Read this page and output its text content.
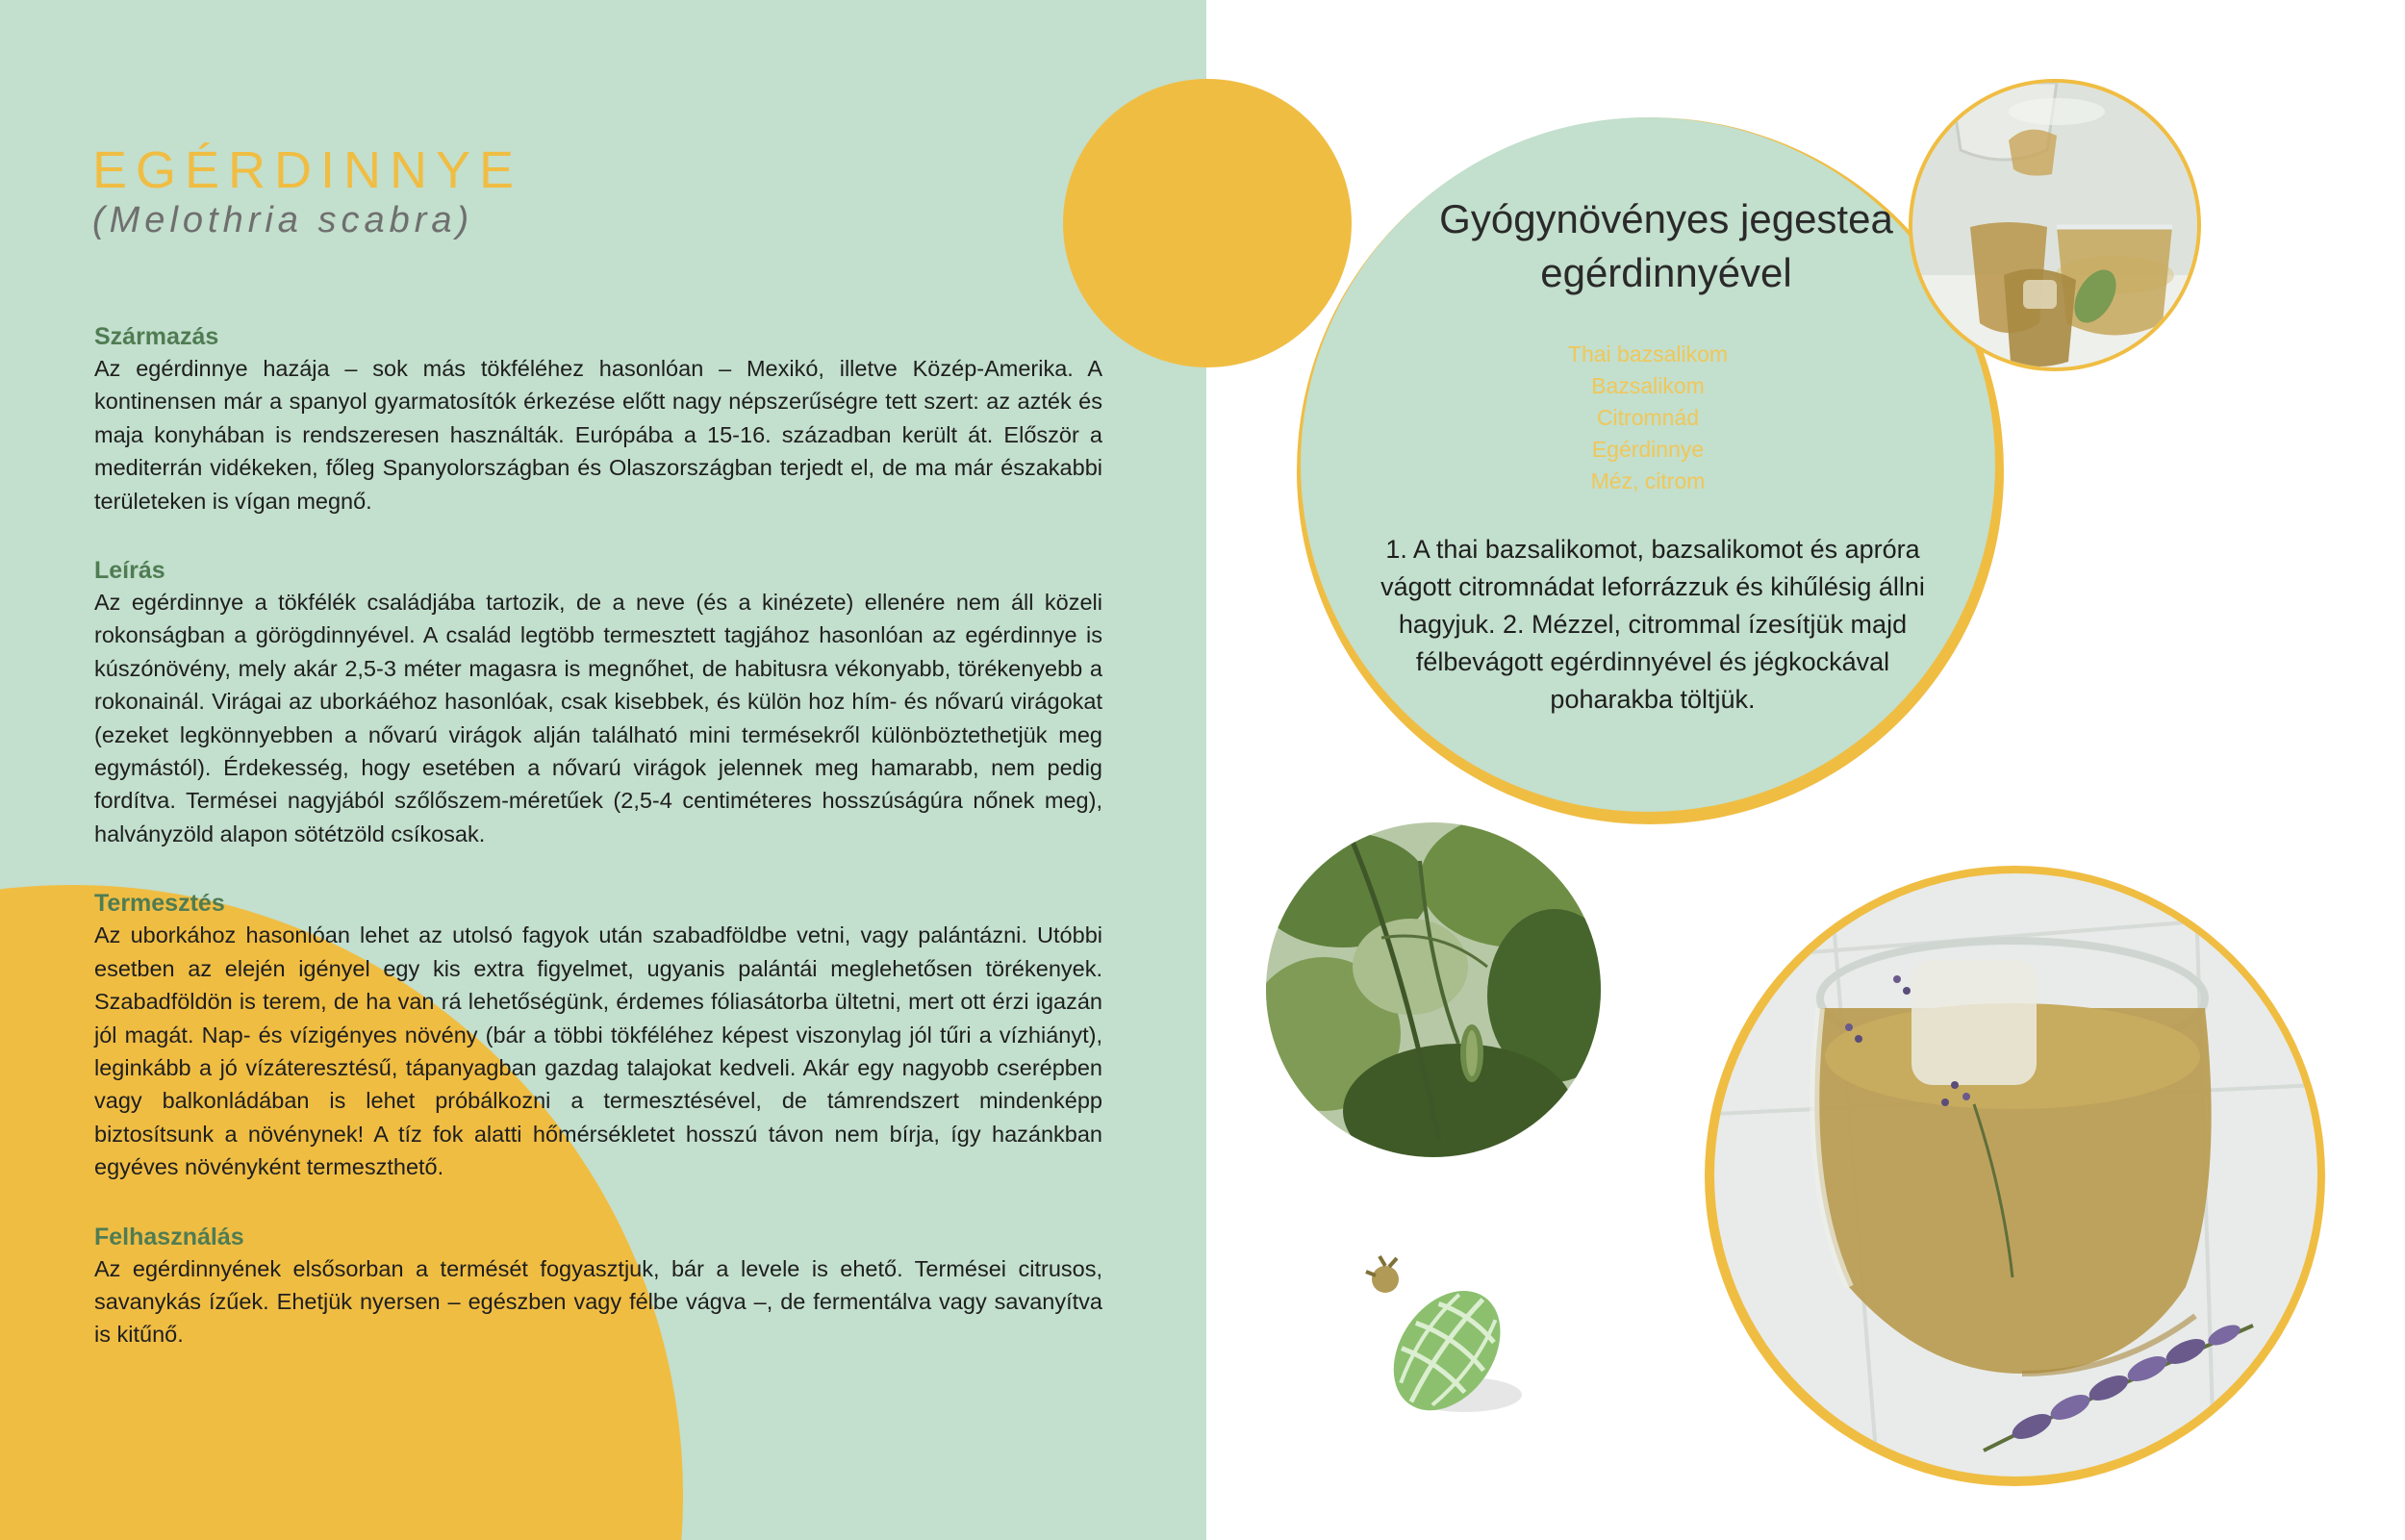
EGÉRDINNYE
(Melothria scabra)
Származás

Az egérdinnye hazája – sok más tökféléhez hasonlóan – Mexikó, illetve Közép-Amerika. A kontinensen már a spanyol gyarmatosítók érkezése előtt nagy népszerűségre tett szert: az azték és maja konyhában is rendszeresen használták. Európába a 15-16. században került át. Először a mediterrán vidékeken, főleg Spanyolországban és Olaszországban terjedt el, de ma már északabbi területeken is vígan megnő.

Leírás

Az egérdinnye a tökfélék családjába tartozik, de a neve (és a kinézete) ellenére nem áll közeli rokonságban a görögdinnyével. A család legtöbb termesztett tagjához hasonlóan az egérdinnye is kúszónövény, mely akár 2,5-3 méter magasra is megnőhet, de habitusra vékonyabb, törékenyebb a rokonainál. Virágai az uborkáéhoz hasonlóak, csak kisebbek, és külön hoz hím- és nővarú virágokat (ezeket legkönnyebben a nővarú virágok alján található mini termésekről különböztethetjük meg egymástól). Érdekesség, hogy esetében a nővarú virágok jelennek meg hamarabb, nem pedig fordítva. Termései nagyjából szőlőszem-méretűek (2,5-4 centiméteres hosszúságúra nőnek meg), halványzöld alapon sötétzöld csíkosak.

Termesztés

Az uborkához hasonlóan lehet az utolsó fagyok után szabadföldbe vetni, vagy palántázni. Utóbbi esetben az elején igényel egy kis extra figyelmet, ugyanis palántái meglehetősen törékenyek. Szabadföldön is terem, de ha van rá lehetőségünk, érdemes fóliasátorba ültetni, mert ott érzi igazán jól magát. Nap- és vízigényes növény (bár a többi tökféléhez képest viszonylag jól tűri a vízhiányt), leginkább a jó vízáteresztésű, tápanyagban gazdag talajokat kedveli. Akár egy nagyobb cserépben vagy balkonládában is lehet próbálkozni a termesztésével, de támrendszert mindenképp biztosítsunk a növénynek! A tíz fok alatti hőmérsékletet hosszú távon nem bírja, így hazánkban egyéves növényként termeszthető.

Felhasználás

Az egérdinnyének elsősorban a termését fogyasztjuk, bár a levele is ehető. Termései citrusos, savanykás ízűek. Ehetjük nyersen – egészben vagy félbe vágva –, de fermentálva vagy savanyítva is kitűnő.

Gyógynövényes jegestea egérdinnyével
Thai bazsalikom
Bazsalikom
Citromnád
Egérdinnye
Méz, citrom

1. A thai bazsalikomot, bazsalikomot és apróra vágott citromnádat leforrázzuk és kihűlésig állni hagyjuk. 2. Mézzel, citrommal ízesítjük majd félbevágott egérdinnyével és jégkockával poharakba töltjük.
